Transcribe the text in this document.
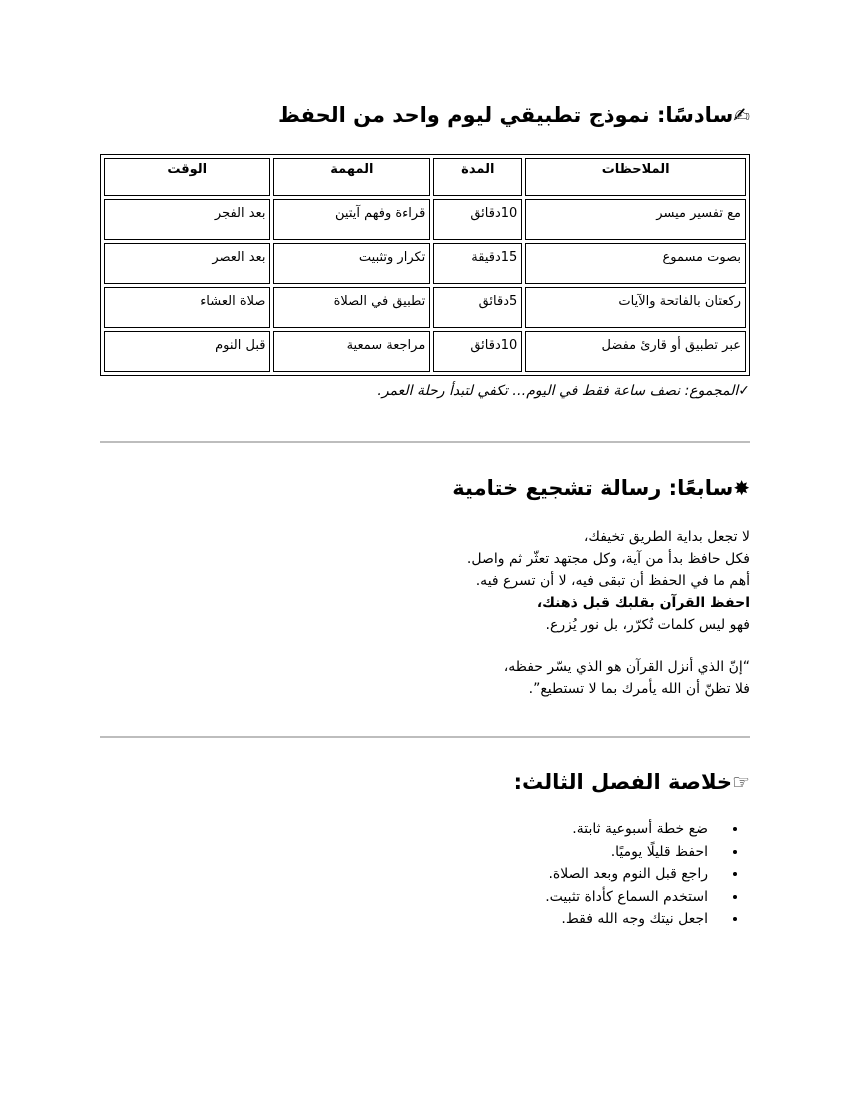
✍سادسًا: نموذج تطبيقي ليوم واحد من الحفظ
الوقت	المهمة	المدة	الملاحظات
بعد الفجر	قراءة وفهم آيتين	10دقائق	مع تفسير ميسر
بعد العصر	تكرار وتثبيت	15دقيقة	بصوت مسموع
صلاة العشاء	تطبيق في الصلاة	5دقائق	ركعتان بالفاتحة والآيات
قبل النوم	مراجعة سمعية	10دقائق	عبر تطبيق أو قارئ مفضل
✓المجموع: نصف ساعة فقط في اليوم… تكفي لتبدأ رحلة العمر.
✸سابعًا: رسالة تشجيع ختامية
لا تجعل بداية الطريق تخيفك،
فكل حافظ بدأ من آية، وكل مجتهد تعثّر ثم واصل.
أهم ما في الحفظ أن تبقى فيه، لا أن تسرع فيه.
احفظ القرآن بقلبك قبل ذهنك،
فهو ليس كلمات تُكرّر، بل نور يُزرع.
“إنّ الذي أنزل القرآن هو الذي يسّر حفظه،
فلا تظنّ أن الله يأمرك بما لا تستطيع”.
☞خلاصة الفصل الثالث:
• ضع خطة أسبوعية ثابتة.
• احفظ قليلًا يوميًا.
• راجع قبل النوم وبعد الصلاة.
• استخدم السماع كأداة تثبيت.
• اجعل نيتك وجه الله فقط.
